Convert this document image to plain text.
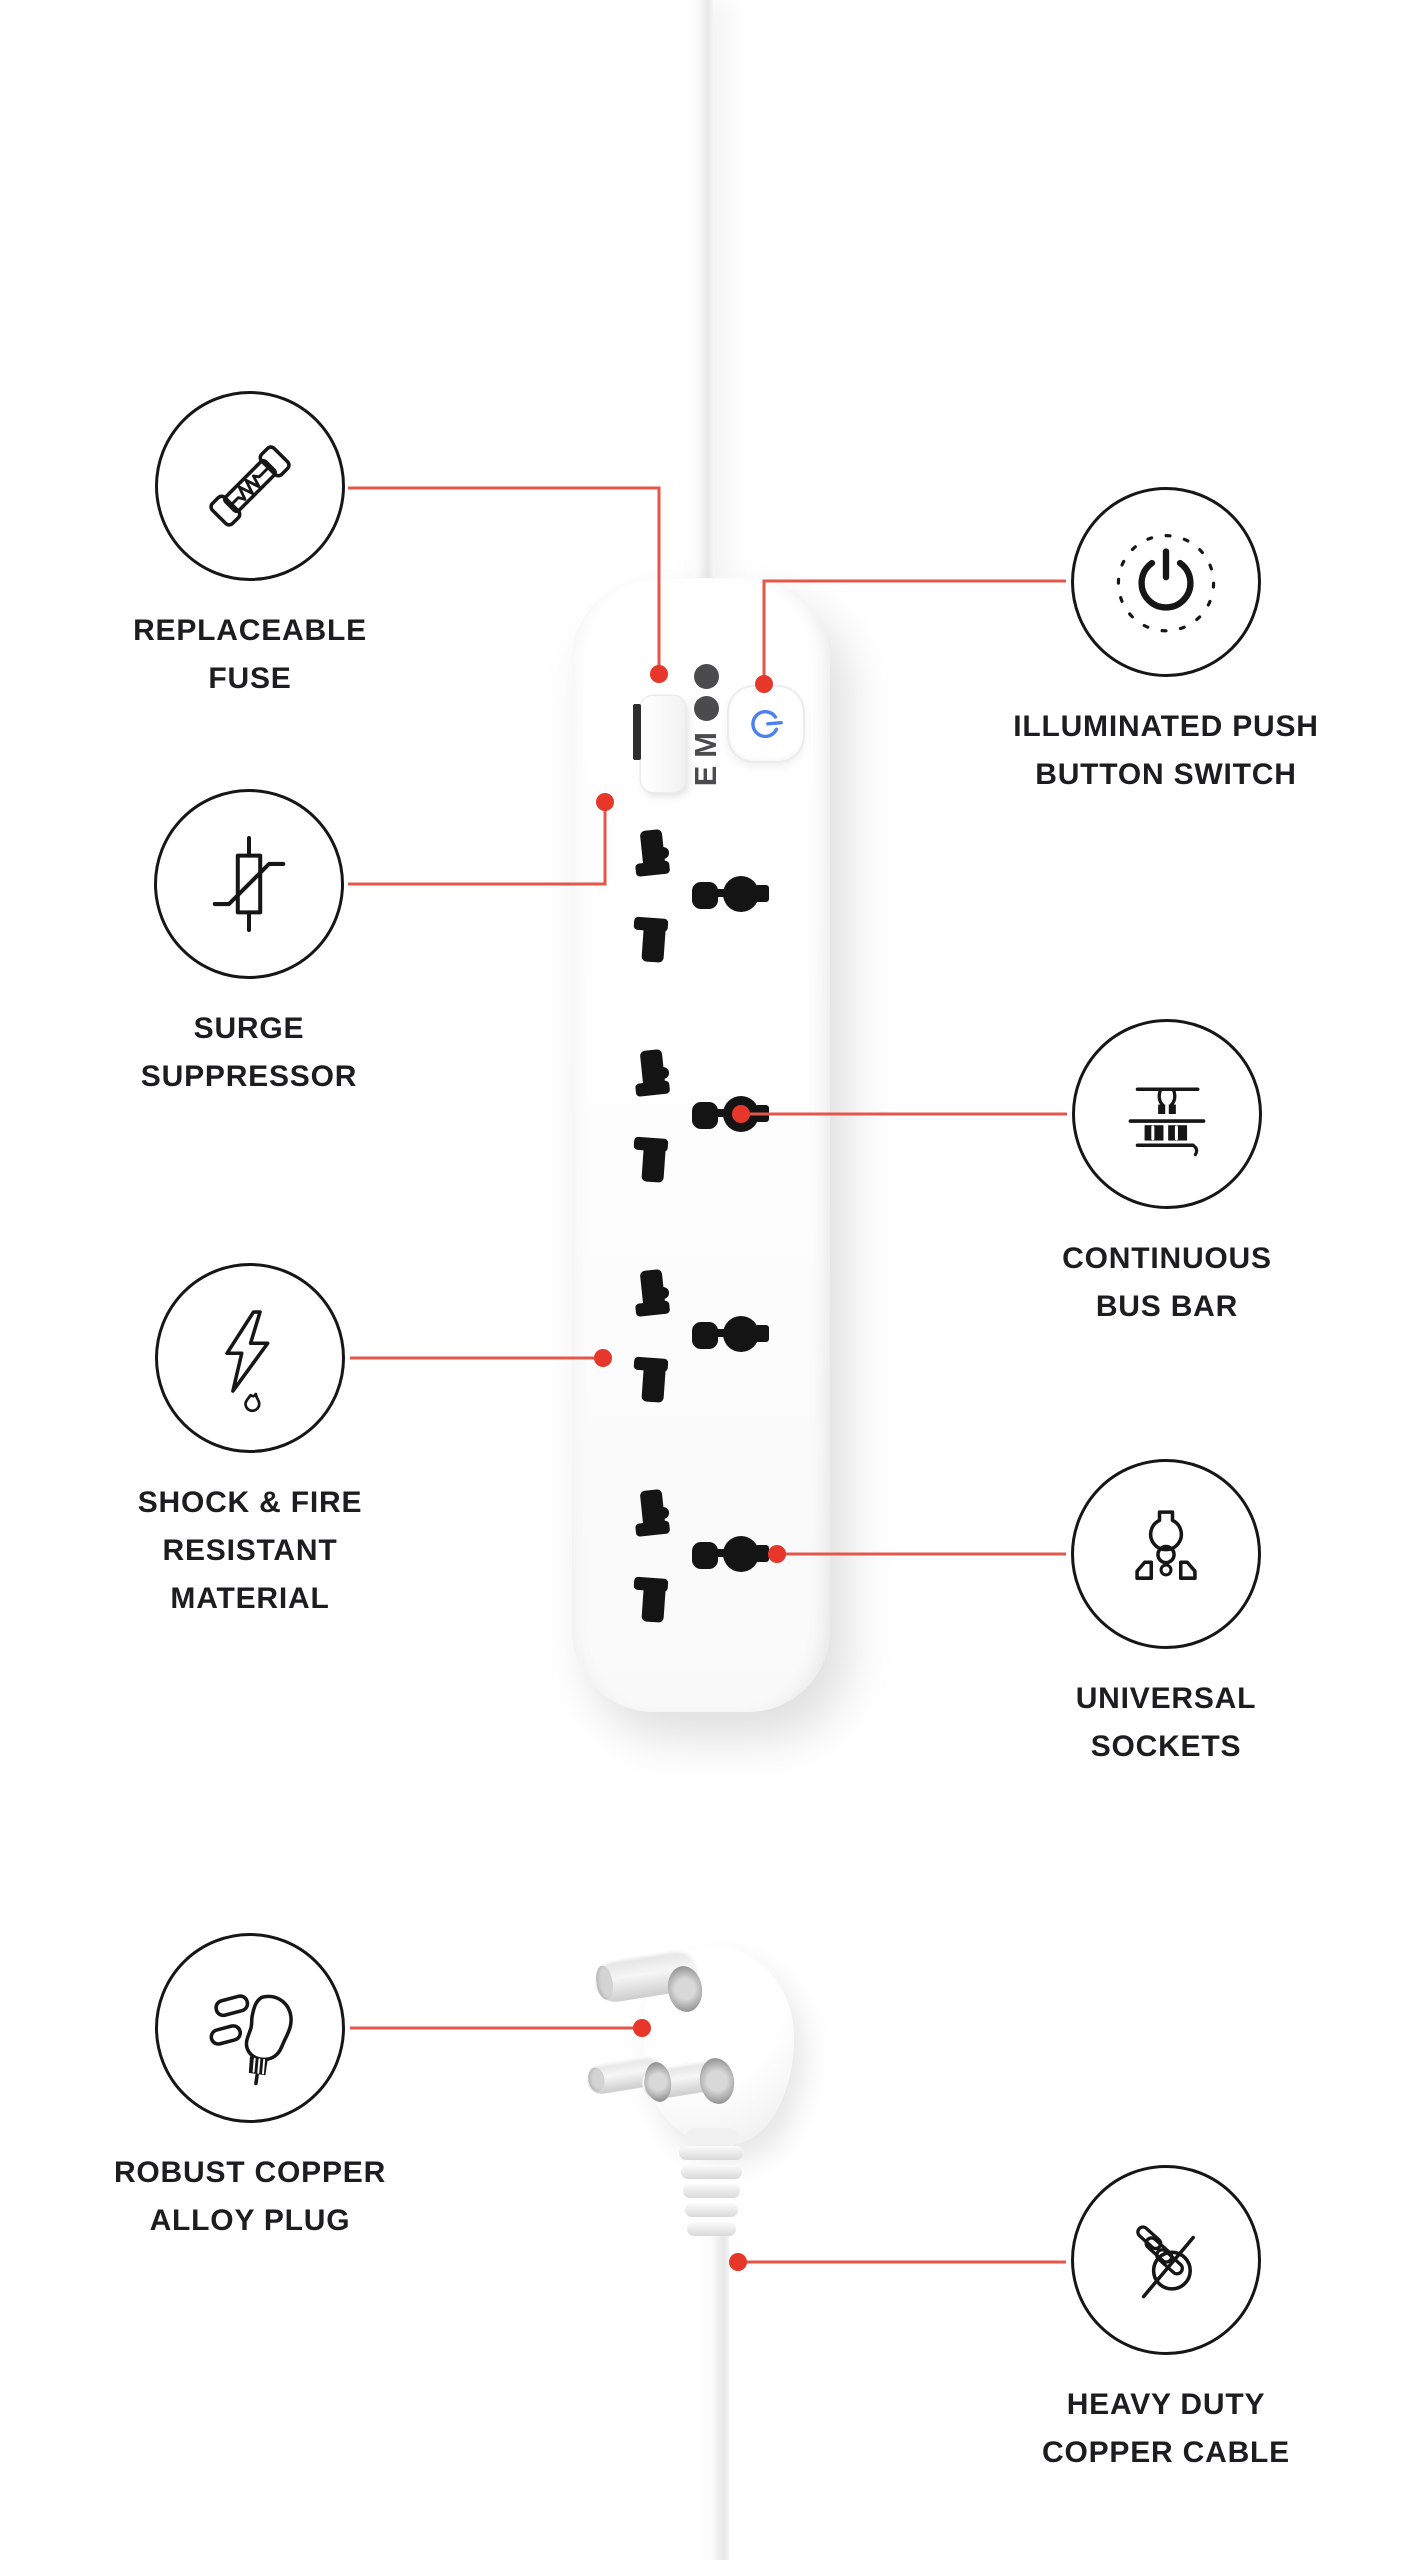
M
E
REPLACEABLE
FUSE
ILLUMINATED PUSH
BUTTON SWITCH
SURGE
SUPPRESSOR
CONTINUOUS
BUS BAR
SHOCK & FIRE
RESISTANT
MATERIAL
UNIVERSAL
SOCKETS
ROBUST COPPER
ALLOY PLUG
HEAVY DUTY
COPPER CABLE
